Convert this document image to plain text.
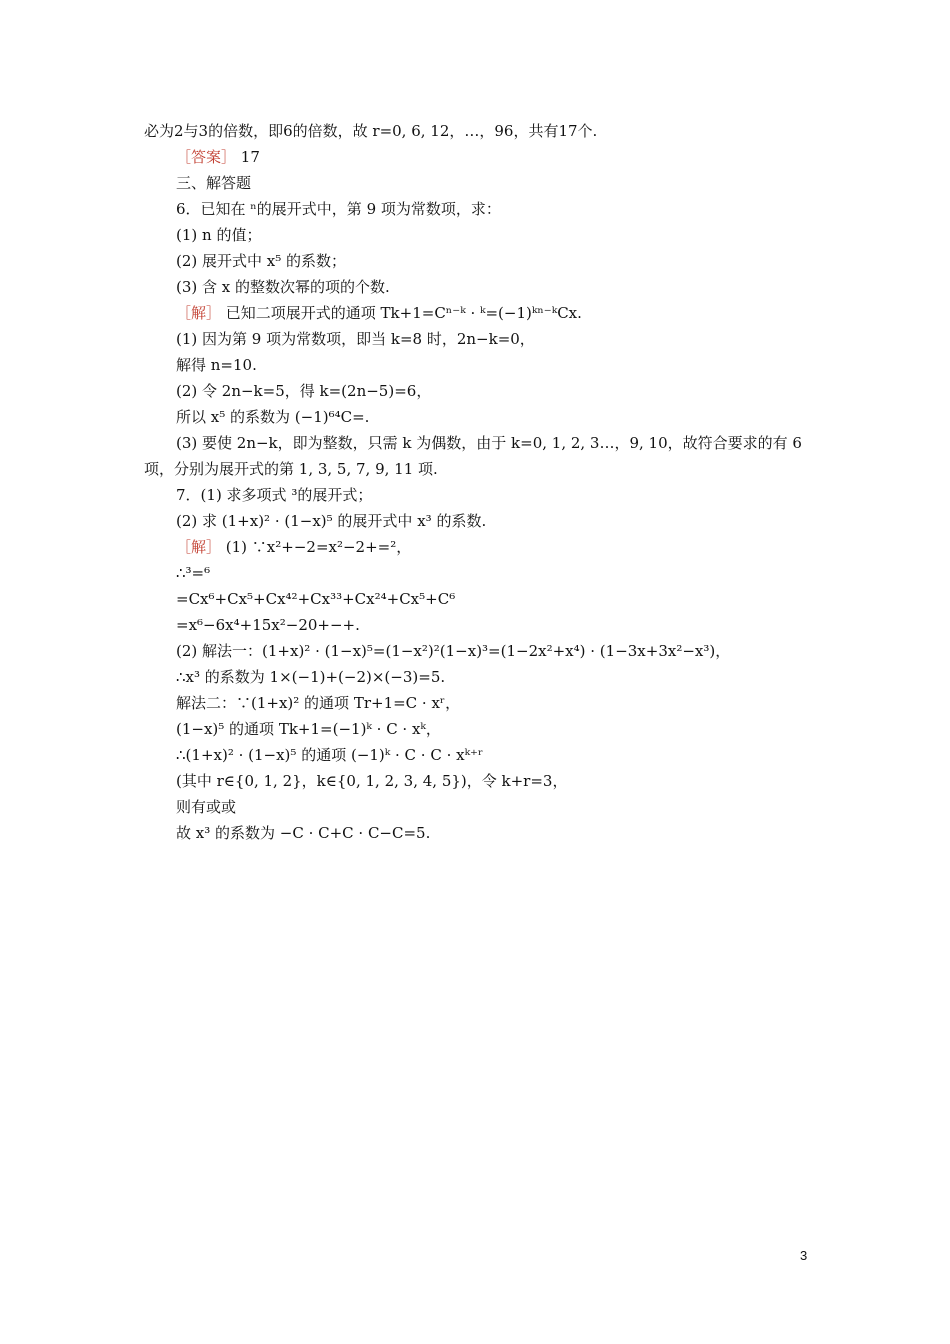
必为2与3的倍数，即6的倍数，故 r=0, 6, 12，…，96，共有17个.
［答案］ 17
三、解答题
6．已知在 ⁿ的展开式中，第 9 项为常数项，求：
(1) n 的值；
(2) 展开式中 x⁵ 的系数；
(3) 含 x 的整数次幂的项的个数.
［解］ 已知二项展开式的通项 Tk+1=Cⁿ⁻ᵏ · ᵏ=(−1)ᵏⁿ⁻ᵏCx.
(1) 因为第 9 项为常数项，即当 k=8 时，2n−k=0，
解得 n=10.
(2) 令 2n−k=5，得 k=(2n−5)=6，
所以 x⁵ 的系数为 (−1)⁶⁴C=.
(3) 要使 2n−k，即为整数，只需 k 为偶数，由于 k=0, 1, 2, 3…，9, 10，故符合要求的有 6
项，分别为展开式的第 1, 3, 5, 7, 9, 11 项.
7．(1) 求多项式 ³的展开式；
(2) 求 (1+x)² · (1−x)⁵ 的展开式中 x³ 的系数.
［解］ (1) ∵x²+−2=x²−2+=²，
∴³=⁶
=Cx⁶+Cx⁵+Cx⁴²+Cx³³+Cx²⁴+Cx⁵+C⁶
=x⁶−6x⁴+15x²−20+−+.
(2) 解法一：(1+x)² · (1−x)⁵=(1−x²)²(1−x)³=(1−2x²+x⁴) · (1−3x+3x²−x³)，
∴x³ 的系数为 1×(−1)+(−2)×(−3)=5.
解法二：∵(1+x)² 的通项 Tr+1=C · xʳ，
(1−x)⁵ 的通项 Tk+1=(−1)ᵏ · C · xᵏ，
∴(1+x)² · (1−x)⁵ 的通项 (−1)ᵏ · C · C · xᵏ⁺ʳ
(其中 r∈{0, 1, 2}，k∈{0, 1, 2, 3, 4, 5})，令 k+r=3，
则有或或
故 x³ 的系数为 −C · C+C · C−C=5.
3
